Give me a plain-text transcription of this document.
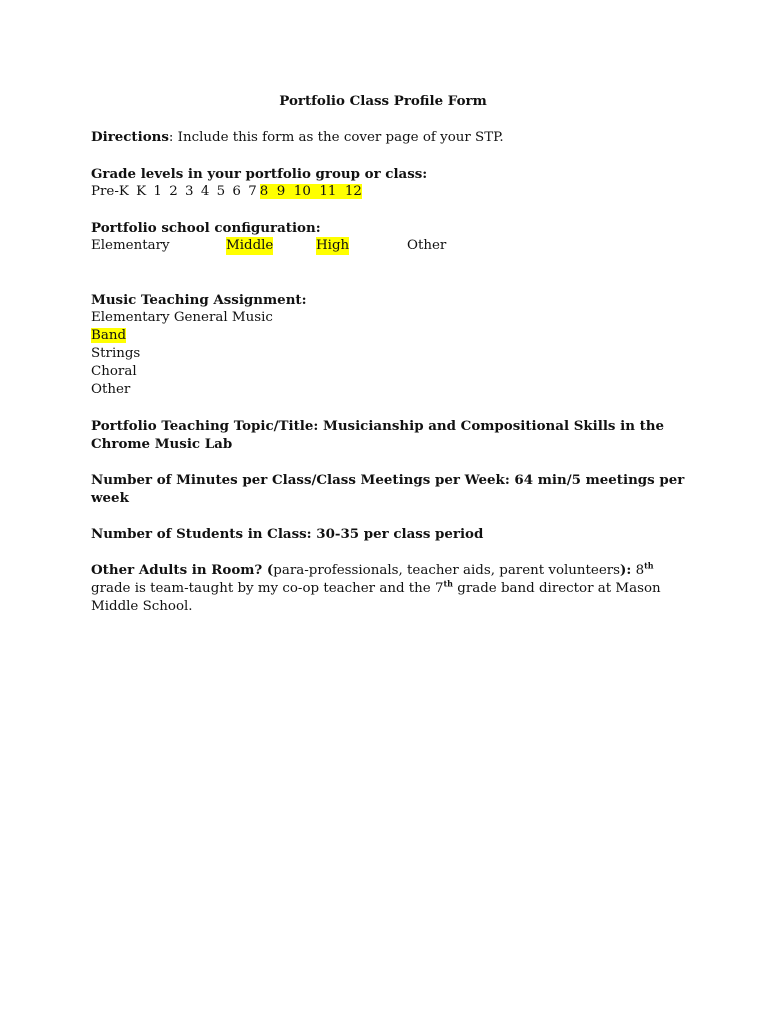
Portfolio Class Profile Form

Directions: Include this form as the cover page of your STP.

Grade levels in your portfolio group or class:

Pre-K K 1 2 3 4 5 6 7 8  9  10  11  12

Portfolio school configuration:

Elementary	Middle	High	Other

Music Teaching Assignment:

Elementary General Music

Band

Strings

Choral

Other

Portfolio Teaching Topic/Title: Musicianship and Compositional Skills in the Chrome Music Lab

Number of Minutes per Class/Class Meetings per Week: 64 min/5 meetings per week

Number of Students in Class: 30-35 per class period

Other Adults in Room? (para-professionals, teacher aids, parent volunteers): 8th grade is team-taught by my co-op teacher and the 7th grade band director at Mason Middle School.
